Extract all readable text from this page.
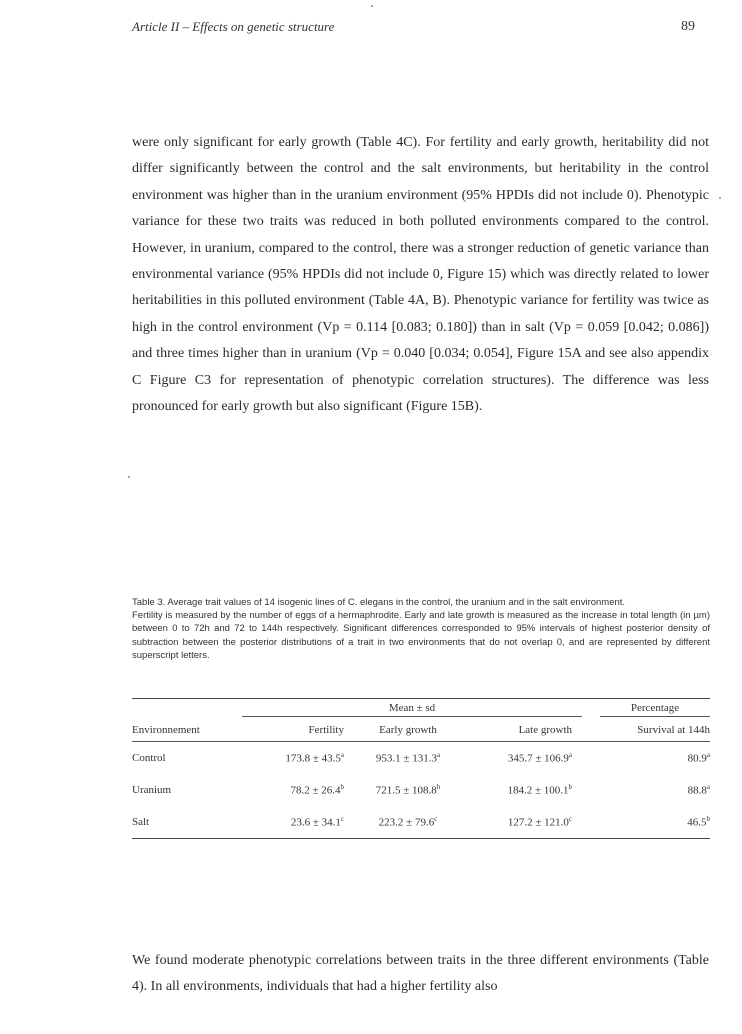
Article II – Effects on genetic structure	89

were only significant for early growth (Table 4C). For fertility and early growth, heritability did not differ significantly between the control and the salt environments, but heritability in the control environment was higher than in the uranium environment (95% HPDIs did not include 0). Phenotypic variance for these two traits was reduced in both polluted environments compared to the control. However, in uranium, compared to the control, there was a stronger reduction of genetic variance than environmental variance (95% HPDIs did not include 0, Figure 15) which was directly related to lower heritabilities in this polluted environment (Table 4A, B). Phenotypic variance for fertility was twice as high in the control environment (Vp = 0.114 [0.083; 0.180]) than in salt (Vp = 0.059 [0.042; 0.086]) and three times higher than in uranium (Vp = 0.040 [0.034; 0.054], Figure 15A and see also appendix C Figure C3 for representation of phenotypic correlation structures). The difference was less pronounced for early growth but also significant (Figure 15B).

Table 3. Average trait values of 14 isogenic lines of C. elegans in the control, the uranium and in the salt environment.

Fertility is measured by the number of eggs of a hermaphrodite. Early and late growth is measured as the increase in total length (in µm) between 0 to 72h and 72 to 144h respectively. Significant differences corresponded to 95% intervals of highest posterior density of subtraction between the posterior distributions of a trait in two environments that do not overlap 0, and are represented by different superscript letters.

	Mean ± sd			Percentage
Environnement	Fertility	Early growth	Late growth	Survival at 144h
Control	173.8 ± 43.5$^a$	953.1 ± 131.3$^a$	345.7 ± 106.9$^a$	80.9$^a$
Uranium	78.2 ± 26.4$^b$	721.5 ± 108.8$^b$	184.2 ± 100.1$^b$	88.8$^a$
Salt	23.6 ± 34.1$^c$	223.2 ± 79.6$^c$	127.2 ± 121.0$^c$	46.5$^b$

We found moderate phenotypic correlations between traits in the three different environments (Table 4). In all environments, individuals that had a higher fertility also
